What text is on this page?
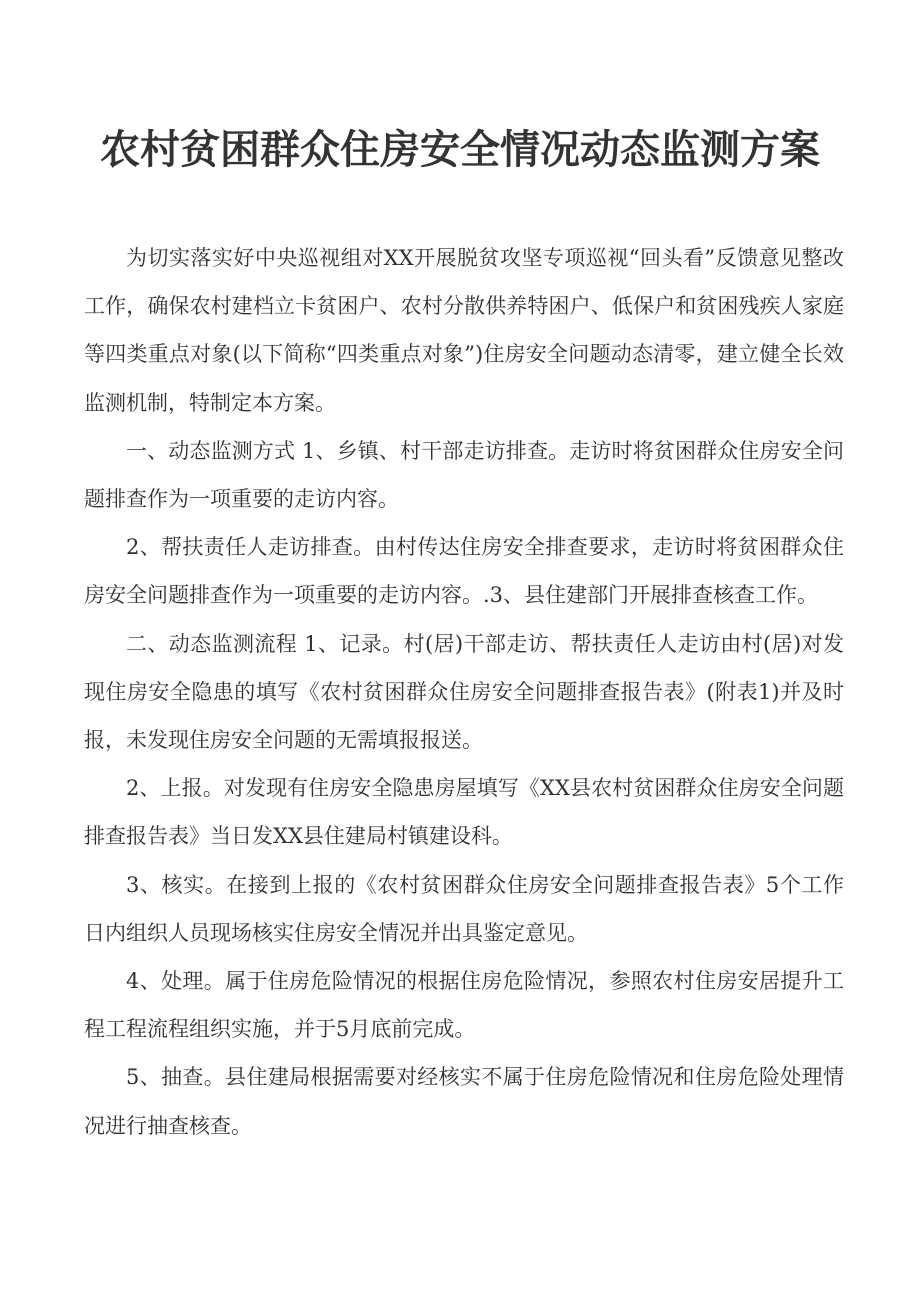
农村贫困群众住房安全情况动态监测方案

为切实落实好中央巡视组对XX开展脱贫攻坚专项巡视“回头看”反馈意见整改工作，确保农村建档立卡贫困户、农村分散供养特困户、低保户和贫困残疾人家庭等四类重点对象(以下简称“四类重点对象”)住房安全问题动态清零，建立健全长效监测机制，特制定本方案。

一、动态监测方式 1、乡镇、村干部走访排查。走访时将贫困群众住房安全问题排查作为一项重要的走访内容。

2、帮扶责任人走访排查。由村传达住房安全排查要求，走访时将贫困群众住房安全问题排查作为一项重要的走访内容。.3、县住建部门开展排查核查工作。

二、动态监测流程 1、记录。村(居)干部走访、帮扶责任人走访由村(居)对发现住房安全隐患的填写《农村贫困群众住房安全问题排查报告表》(附表1)并及时报，未发现住房安全问题的无需填报报送。

2、上报。对发现有住房安全隐患房屋填写《XX县农村贫困群众住房安全问题排查报告表》当日发XX县住建局村镇建设科。

3、核实。在接到上报的《农村贫困群众住房安全问题排查报告表》5个工作日内组织人员现场核实住房安全情况并出具鉴定意见。

4、处理。属于住房危险情况的根据住房危险情况，参照农村住房安居提升工程工程流程组织实施，并于5月底前完成。

5、抽查。县住建局根据需要对经核实不属于住房危险情况和住房危险处理情况进行抽查核查。
